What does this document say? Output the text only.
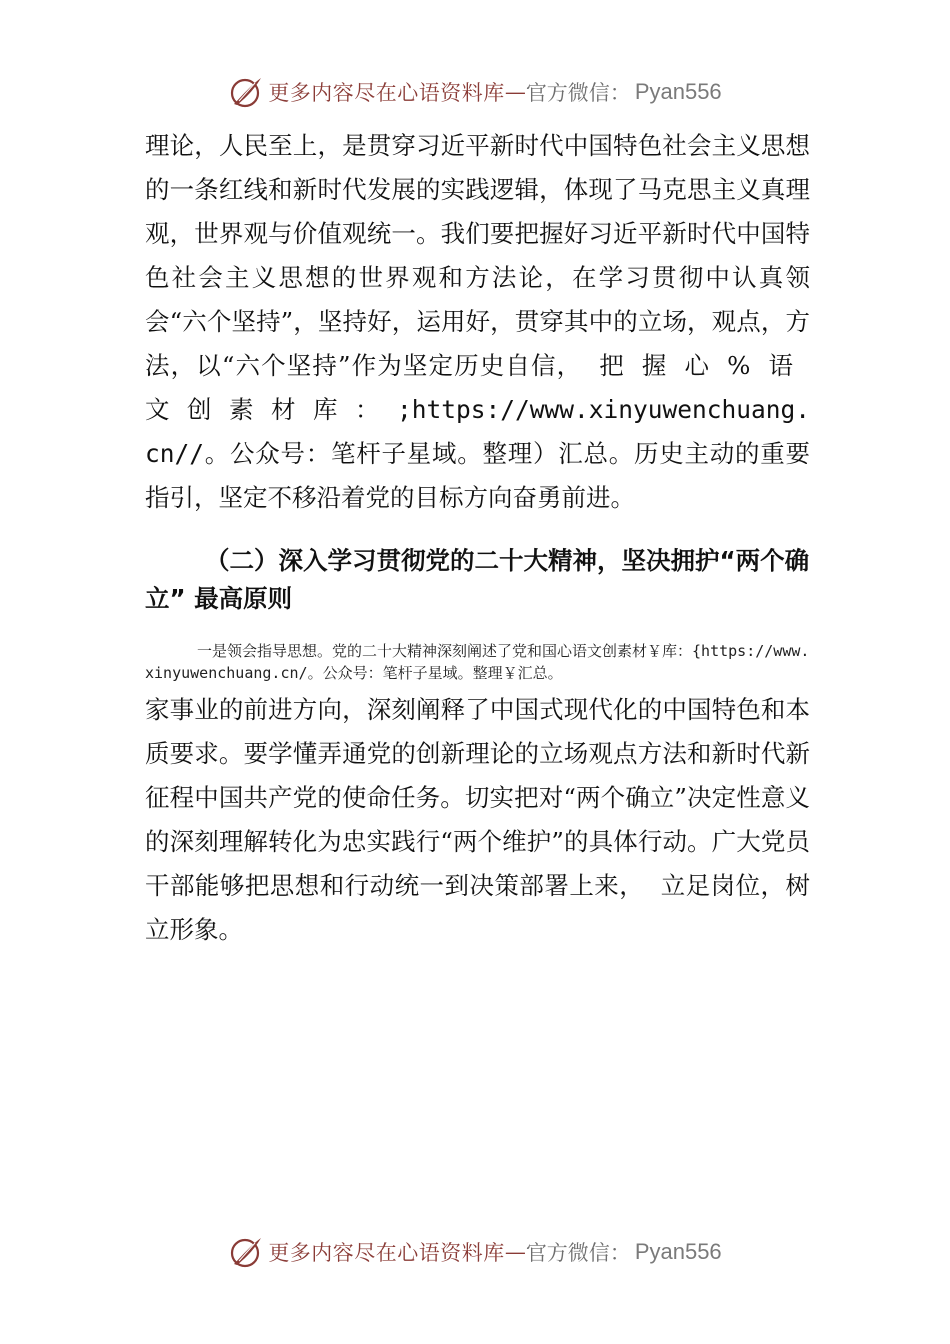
更多内容尽在心语资料库 — 官方微信： Pyan556

理论，人民至上，是贯穿习近平新时代中国特色社会主义思想的一条红线和新时代发展的实践逻辑，体现了马克思主义真理观，世界观与价值观统一。我们要把握好习近平新时代中国特色社会主义思想的世界观和方法论，在学习贯彻中认真领会“六个坚持”，坚持好，运用好，贯穿其中的立场，观点，方法，以“六个坚持”作为坚定历史自信，把握心%语文创素材库：;https://www.xinyuwenchuang.cn//。公众号：笔杆子星域。整理）汇总。历史主动的重要指引，坚定不移沿着党的目标方向奋勇前进。

（二）深入学习贯彻党的二十大精神，坚决拥护“两个确立” 最高原则
一是领会指导思想。党的二十大精神深刻阐述了党和国心语文创素材￥库：{https://www.xinyuwenchuang.cn/。公众号：笔杆子星域。整理￥汇总。

家事业的前进方向，深刻阐释了中国式现代化的中国特色和本质要求。要学懂弄通党的创新理论的立场观点方法和新时代新征程中国共产党的使命任务。切实把对“两个确立”决定性意义的深刻理解转化为忠实践行“两个维护”的具体行动。广大党员干部能够把思想和行动统一到决策部署上来，  立足岗位，树立形象。

更多内容尽在心语资料库 — 官方微信： Pyan556
